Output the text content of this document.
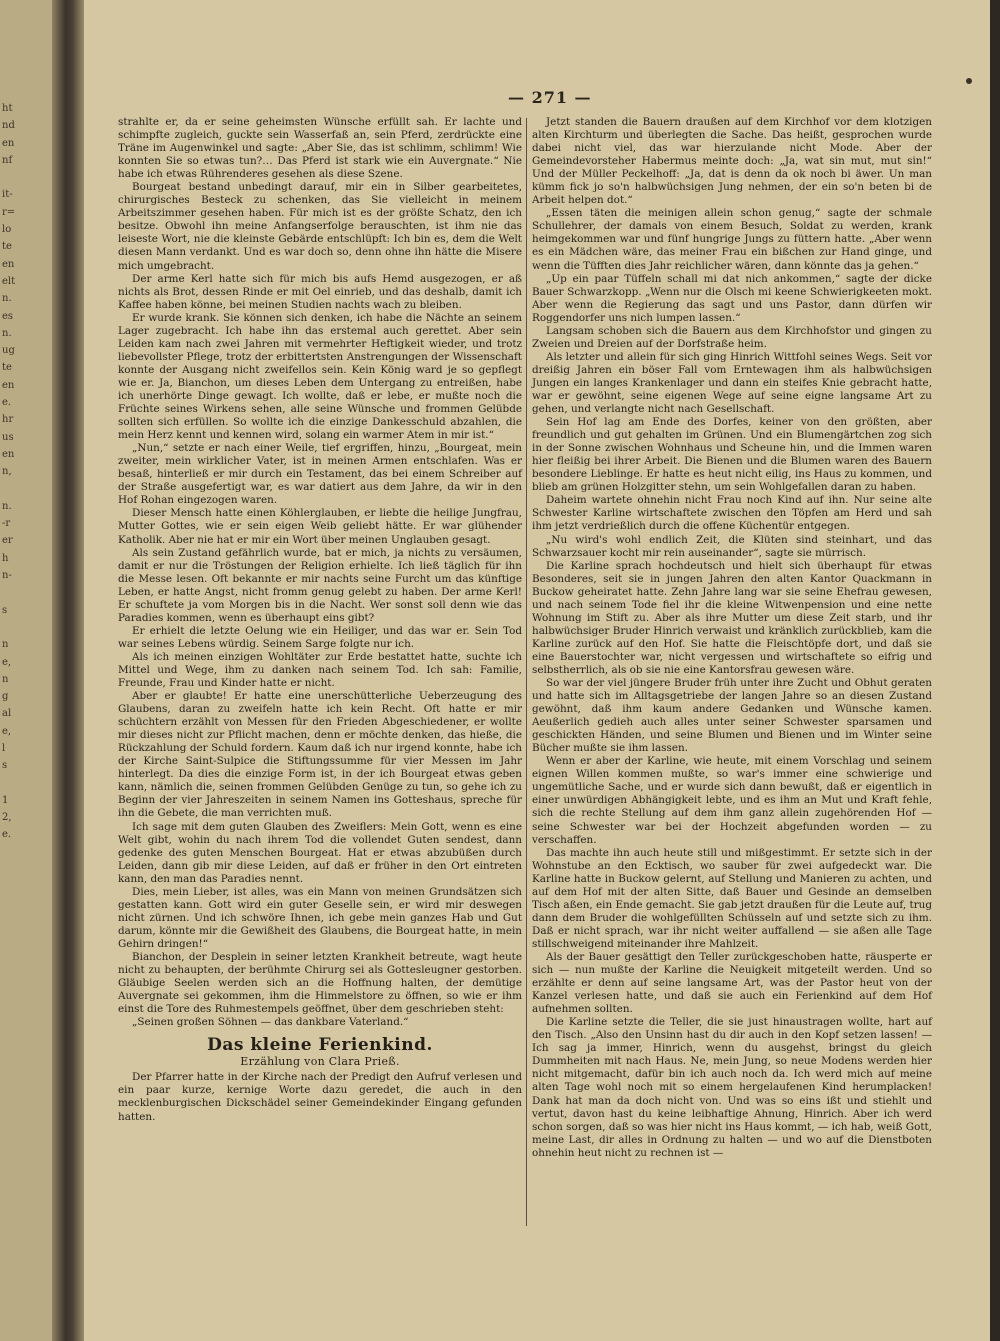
ht
nd
en
nf

it-
r=
lo
te
en
elt
n.
es
n.
ug
te
en
e.
hr
us
en
n,

n.
-r
er
h
n-

s

n
e,
n
g
al
e,
l
s

1
2,
e.
— 271 —

strahlte er, da er seine geheimsten Wünsche erfüllt sah. Er lachte und schimpfte zugleich, guckte sein Wasserfaß an, sein Pferd, zerdrückte eine Träne im Augenwinkel und sagte: „Aber Sie, das ist schlimm, schlimm! Wie konnten Sie so etwas tun?… Das Pferd ist stark wie ein Auvergnate.“ Nie habe ich etwas Rührenderes gesehen als diese Szene.

Bourgeat bestand unbedingt darauf, mir ein in Silber gearbeitetes, chirurgisches Besteck zu schenken, das Sie vielleicht in meinem Arbeitszimmer gesehen haben. Für mich ist es der größte Schatz, den ich besitze. Obwohl ihn meine Anfangserfolge berauschten, ist ihm nie das leiseste Wort, nie die kleinste Gebärde entschlüpft: Ich bin es, dem die Welt diesen Mann verdankt. Und es war doch so, denn ohne ihn hätte die Misere mich umgebracht.

Der arme Kerl hatte sich für mich bis aufs Hemd ausgezogen, er aß nichts als Brot, dessen Rinde er mit Oel einrieb, und das deshalb, damit ich Kaffee haben könne, bei meinen Studien nachts wach zu bleiben.

Er wurde krank. Sie können sich denken, ich habe die Nächte an seinem Lager zugebracht. Ich habe ihn das erstemal auch gerettet. Aber sein Leiden kam nach zwei Jahren mit vermehrter Heftigkeit wieder, und trotz liebevollster Pflege, trotz der erbittertsten Anstrengungen der Wissenschaft konnte der Ausgang nicht zweifellos sein. Kein König ward je so gepflegt wie er. Ja, Bianchon, um dieses Leben dem Untergang zu entreißen, habe ich unerhörte Dinge gewagt. Ich wollte, daß er lebe, er mußte noch die Früchte seines Wirkens sehen, alle seine Wünsche und frommen Gelübde sollten sich erfüllen. So wollte ich die einzige Dankesschuld abzahlen, die mein Herz kennt und kennen wird, solang ein warmer Atem in mir ist.“

„Nun,“ setzte er nach einer Weile, tief ergriffen, hinzu, „Bourgeat, mein zweiter, mein wirklicher Vater, ist in meinen Armen entschlafen. Was er besaß, hinterließ er mir durch ein Testament, das bei einem Schreiber auf der Straße ausgefertigt war, es war datiert aus dem Jahre, da wir in den Hof Rohan eingezogen waren.

Dieser Mensch hatte einen Köhlerglauben, er liebte die heilige Jungfrau, Mutter Gottes, wie er sein eigen Weib geliebt hätte. Er war glühender Katholik. Aber nie hat er mir ein Wort über meinen Unglauben gesagt.

Als sein Zustand gefährlich wurde, bat er mich, ja nichts zu versäumen, damit er nur die Tröstungen der Religion erhielte. Ich ließ täglich für ihn die Messe lesen. Oft bekannte er mir nachts seine Furcht um das künftige Leben, er hatte Angst, nicht fromm genug gelebt zu haben. Der arme Kerl! Er schuftete ja vom Morgen bis in die Nacht. Wer sonst soll denn wie das Paradies kommen, wenn es überhaupt eins gibt?

Er erhielt die letzte Oelung wie ein Heiliger, und das war er. Sein Tod war seines Lebens würdig. Seinem Sarge folgte nur ich.

Als ich meinen einzigen Wohltäter zur Erde bestattet hatte, suchte ich Mittel und Wege, ihm zu danken nach seinem Tod. Ich sah: Familie, Freunde, Frau und Kinder hatte er nicht.

Aber er glaubte! Er hatte eine unerschütterliche Ueberzeugung des Glaubens, daran zu zweifeln hatte ich kein Recht. Oft hatte er mir schüchtern erzählt von Messen für den Frieden Abgeschiedener, er wollte mir dieses nicht zur Pflicht machen, denn er möchte denken, das hieße, die Rückzahlung der Schuld fordern. Kaum daß ich nur irgend konnte, habe ich der Kirche Saint-Sulpice die Stiftungssumme für vier Messen im Jahr hinterlegt. Da dies die einzige Form ist, in der ich Bourgeat etwas geben kann, nämlich die, seinen frommen Gelübden Genüge zu tun, so gehe ich zu Beginn der vier Jahreszeiten in seinem Namen ins Gotteshaus, spreche für ihn die Gebete, die man verrichten muß.

Ich sage mit dem guten Glauben des Zweiflers: Mein Gott, wenn es eine Welt gibt, wohin du nach ihrem Tod die vollendet Guten sendest, dann gedenke des guten Menschen Bourgeat. Hat er etwas abzubüßen durch Leiden, dann gib mir diese Leiden, auf daß er früher in den Ort eintreten kann, den man das Paradies nennt.

Dies, mein Lieber, ist alles, was ein Mann von meinen Grundsätzen sich gestatten kann. Gott wird ein guter Geselle sein, er wird mir deswegen nicht zürnen. Und ich schwöre Ihnen, ich gebe mein ganzes Hab und Gut darum, könnte mir die Gewißheit des Glaubens, die Bourgeat hatte, in mein Gehirn dringen!“

Bianchon, der Desplein in seiner letzten Krankheit betreute, wagt heute nicht zu behaupten, der berühmte Chirurg sei als Gottesleugner gestorben. Gläubige Seelen werden sich an die Hoffnung halten, der demütige Auvergnate sei gekommen, ihm die Himmelstore zu öffnen, so wie er ihm einst die Tore des Ruhmestempels geöffnet, über dem geschrieben steht:

„Seinen großen Söhnen — das dankbare Vaterland.“

Das kleine Ferienkind.
Erzählung von Clara Prieß.

Der Pfarrer hatte in der Kirche nach der Predigt den Aufruf verlesen und ein paar kurze, kernige Worte dazu geredet, die auch in den mecklenburgischen Dickschädel seiner Gemeindekinder Eingang gefunden hatten.

Jetzt standen die Bauern draußen auf dem Kirchhof vor dem klotzigen alten Kirchturm und überlegten die Sache. Das heißt, gesprochen wurde dabei nicht viel, das war hierzulande nicht Mode. Aber der Gemeindevorsteher Habermus meinte doch: „Ja, wat sin mut, mut sin!“ Und der Müller Peckelhoff: „Ja, dat is denn da ok noch bi äwer. Un man kümm fick jo so'n halbwüchsigen Jung nehmen, der ein so'n beten bi de Arbeit helpen dot.“

„Essen täten die meinigen allein schon genug,“ sagte der schmale Schullehrer, der damals von einem Besuch, Soldat zu werden, krank heimgekommen war und fünf hungrige Jungs zu füttern hatte. „Aber wenn es ein Mädchen wäre, das meiner Frau ein bißchen zur Hand ginge, und wenn die Tüfften dies Jahr reichlicher wären, dann könnte das ja gehen.“

„Up ein paar Tüffeln schall mi dat nich ankommen,“ sagte der dicke Bauer Schwarzkopp. „Wenn nur die Olsch mi keene Schwierigkeeten mokt. Aber wenn die Regierung das sagt und uns Pastor, dann dürfen wir Roggendorfer uns nich lumpen lassen.“

Langsam schoben sich die Bauern aus dem Kirchhofstor und gingen zu Zweien und Dreien auf der Dorfstraße heim.

Als letzter und allein für sich ging Hinrich Wittfohl seines Wegs. Seit vor dreißig Jahren ein böser Fall vom Erntewagen ihm als halbwüchsigen Jungen ein langes Krankenlager und dann ein steifes Knie gebracht hatte, war er gewöhnt, seine eigenen Wege auf seine eigne langsame Art zu gehen, und verlangte nicht nach Gesellschaft.

Sein Hof lag am Ende des Dorfes, keiner von den größten, aber freundlich und gut gehalten im Grünen. Und ein Blumengärtchen zog sich in der Sonne zwischen Wohnhaus und Scheune hin, und die Immen waren hier fleißig bei ihrer Arbeit. Die Bienen und die Blumen waren des Bauern besondere Lieblinge. Er hatte es heut nicht eilig, ins Haus zu kommen, und blieb am grünen Holzgitter stehn, um sein Wohlgefallen daran zu haben.

Daheim wartete ohnehin nicht Frau noch Kind auf ihn. Nur seine alte Schwester Karline wirtschaftete zwischen den Töpfen am Herd und sah ihm jetzt verdrießlich durch die offene Küchentür entgegen.

„Nu wird's wohl endlich Zeit, die Klüten sind steinhart, und das Schwarzsauer kocht mir rein auseinander“, sagte sie mürrisch.

Die Karline sprach hochdeutsch und hielt sich überhaupt für etwas Besonderes, seit sie in jungen Jahren den alten Kantor Quackmann in Buckow geheiratet hatte. Zehn Jahre lang war sie seine Ehefrau gewesen, und nach seinem Tode fiel ihr die kleine Witwenpension und eine nette Wohnung im Stift zu. Aber als ihre Mutter um diese Zeit starb, und ihr halbwüchsiger Bruder Hinrich verwaist und kränklich zurückblieb, kam die Karline zurück auf den Hof. Sie hatte die Fleischtöpfe dort, und daß sie eine Bauerstochter war, nicht vergessen und wirtschaftete so eifrig und selbstherrlich, als ob sie nie eine Kantorsfrau gewesen wäre.

So war der viel jüngere Bruder früh unter ihre Zucht und Obhut geraten und hatte sich im Alltagsgetriebe der langen Jahre so an diesen Zustand gewöhnt, daß ihm kaum andere Gedanken und Wünsche kamen. Aeußerlich gedieh auch alles unter seiner Schwester sparsamen und geschickten Händen, und seine Blumen und Bienen und im Winter seine Bücher mußte sie ihm lassen.

Wenn er aber der Karline, wie heute, mit einem Vorschlag und seinem eignen Willen kommen mußte, so war's immer eine schwierige und ungemütliche Sache, und er wurde sich dann bewußt, daß er eigentlich in einer unwürdigen Abhängigkeit lebte, und es ihm an Mut und Kraft fehle, sich die rechte Stellung auf dem ihm ganz allein zugehörenden Hof — seine Schwester war bei der Hochzeit abgefunden worden — zu verschaffen.

Das machte ihn auch heute still und mißgestimmt. Er setzte sich in der Wohnstube an den Ecktisch, wo sauber für zwei aufgedeckt war. Die Karline hatte in Buckow gelernt, auf Stellung und Manieren zu achten, und auf dem Hof mit der alten Sitte, daß Bauer und Gesinde an demselben Tisch aßen, ein Ende gemacht. Sie gab jetzt draußen für die Leute auf, trug dann dem Bruder die wohlgefüllten Schüsseln auf und setzte sich zu ihm. Daß er nicht sprach, war ihr nicht weiter auffallend — sie aßen alle Tage stillschweigend miteinander ihre Mahlzeit.

Als der Bauer gesättigt den Teller zurückgeschoben hatte, räusperte er sich — nun mußte der Karline die Neuigkeit mitgeteilt werden. Und so erzählte er denn auf seine langsame Art, was der Pastor heut von der Kanzel verlesen hatte, und daß sie auch ein Ferienkind auf dem Hof aufnehmen sollten.

Die Karline setzte die Teller, die sie just hinaustragen wollte, hart auf den Tisch. „Also den Unsinn hast du dir auch in den Kopf setzen lassen! — Ich sag ja immer, Hinrich, wenn du ausgehst, bringst du gleich Dummheiten mit nach Haus. Ne, mein Jung, so neue Modens werden hier nicht mitgemacht, dafür bin ich auch noch da. Ich werd mich auf meine alten Tage wohl noch mit so einem hergelaufenen Kind herumplacken! Dank hat man da doch nicht von. Und was so eins ißt und stiehlt und vertut, davon hast du keine leibhaftige Ahnung, Hinrich. Aber ich werd schon sorgen, daß so was hier nicht ins Haus kommt, — ich hab, weiß Gott, meine Last, dir alles in Ordnung zu halten — und wo auf die Dienstboten ohnehin heut nicht zu rechnen ist —
